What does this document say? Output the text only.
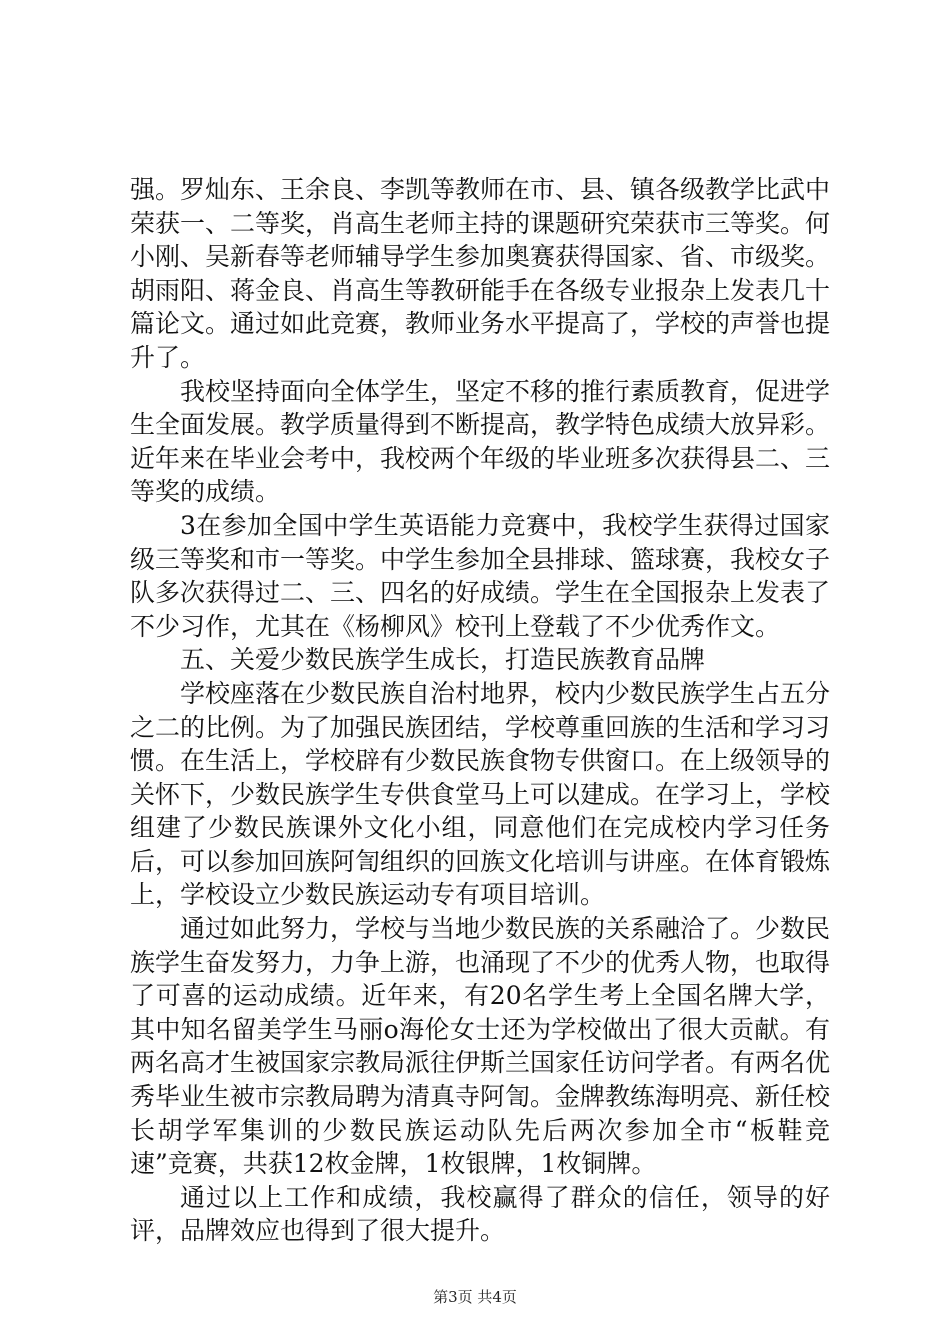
强。罗灿东、王余良、李凯等教师在市、县、镇各级教学比武中荣获一、二等奖，肖高生老师主持的课题研究荣获市三等奖。何小刚、吴新春等老师辅导学生参加奥赛获得国家、省、市级奖。胡雨阳、蒋金良、肖高生等教研能手在各级专业报杂上发表几十篇论文。通过如此竞赛，教师业务水平提高了，学校的声誉也提升了。

我校坚持面向全体学生，坚定不移的推行素质教育，促进学生全面发展。教学质量得到不断提高，教学特色成绩大放异彩。近年来在毕业会考中，我校两个年级的毕业班多次获得县二、三等奖的成绩。

3在参加全国中学生英语能力竞赛中，我校学生获得过国家级三等奖和市一等奖。中学生参加全县排球、篮球赛，我校女子队多次获得过二、三、四名的好成绩。学生在全国报杂上发表了不少习作，尤其在《杨柳风》校刊上登载了不少优秀作文。

五、关爱少数民族学生成长，打造民族教育品牌

学校座落在少数民族自治村地界，校内少数民族学生占五分之二的比例。为了加强民族团结，学校尊重回族的生活和学习习惯。在生活上，学校辟有少数民族食物专供窗口。在上级领导的关怀下，少数民族学生专供食堂马上可以建成。在学习上，学校组建了少数民族课外文化小组，同意他们在完成校内学习任务后，可以参加回族阿訇组织的回族文化培训与讲座。在体育锻炼上，学校设立少数民族运动专有项目培训。

通过如此努力，学校与当地少数民族的关系融洽了。少数民族学生奋发努力，力争上游，也涌现了不少的优秀人物，也取得了可喜的运动成绩。近年来，有20名学生考上全国名牌大学，其中知名留美学生马丽o海伦女士还为学校做出了很大贡献。有两名高才生被国家宗教局派往伊斯兰国家任访问学者。有两名优秀毕业生被市宗教局聘为清真寺阿訇。金牌教练海明亮、新任校长胡学军集训的少数民族运动队先后两次参加全市“板鞋竞速”竞赛，共获12枚金牌，1枚银牌，1枚铜牌。

通过以上工作和成绩，我校赢得了群众的信任，领导的好评，品牌效应也得到了很大提升。

第3页 共4页
